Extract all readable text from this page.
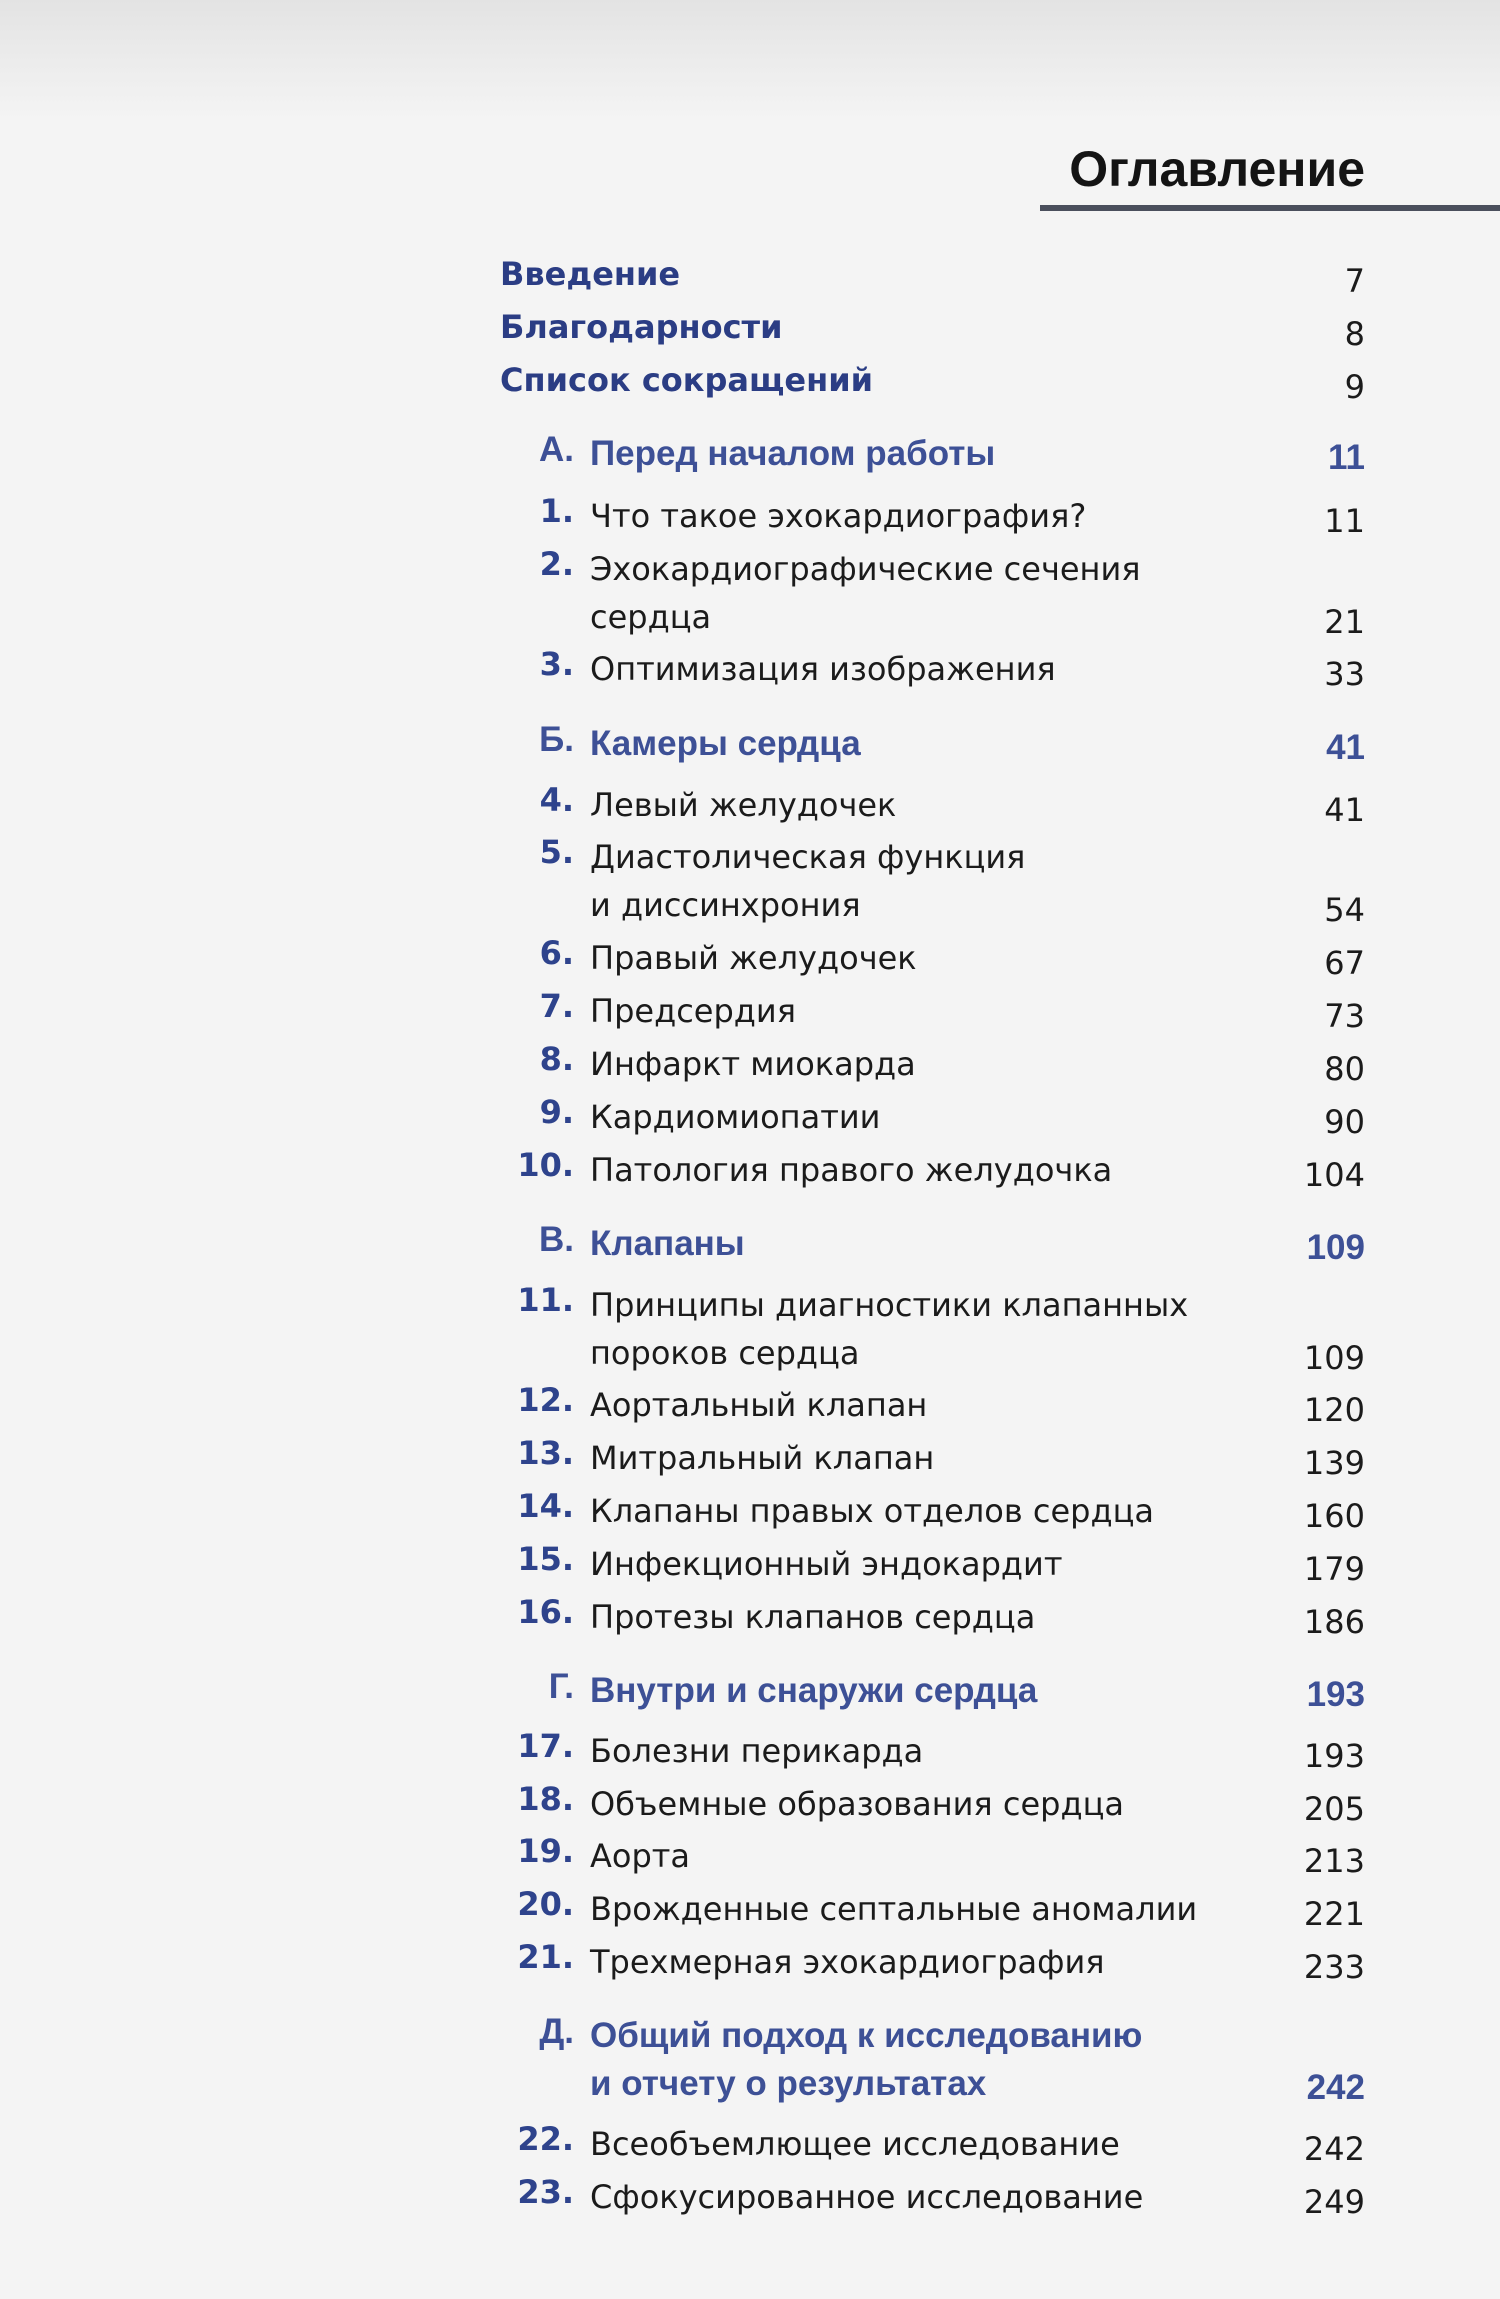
Оглавление
Введение	7
Благодарности	8
Список сокращений	9
А. Перед началом работы	11
1. Что такое эхокардиография?	11
2. Эхокардиографические сечения
сердца	21
3. Оптимизация изображения	33
Б. Камеры сердца	41
4. Левый желудочек	41
5. Диастолическая функция
и диссинхрония	54
6. Правый желудочек	67
7. Предсердия	73
8. Инфаркт миокарда	80
9. Кардиомиопатии	90
10. Патология правого желудочка	104
В. Клапаны	109
11. Принципы диагностики клапанных
пороков сердца	109
12. Аортальный клапан	120
13. Митральный клапан	139
14. Клапаны правых отделов сердца	160
15. Инфекционный эндокардит	179
16. Протезы клапанов сердца	186
Г. Внутри и снаружи сердца	193
17. Болезни перикарда	193
18. Объемные образования сердца	205
19. Аорта	213
20. Врожденные септальные аномалии	221
21. Трехмерная эхокардиография	233
Д. Общий подход к исследованию
и отчету о результатах	242
22. Всеобъемлющее исследование	242
23. Сфокусированное исследование	249
